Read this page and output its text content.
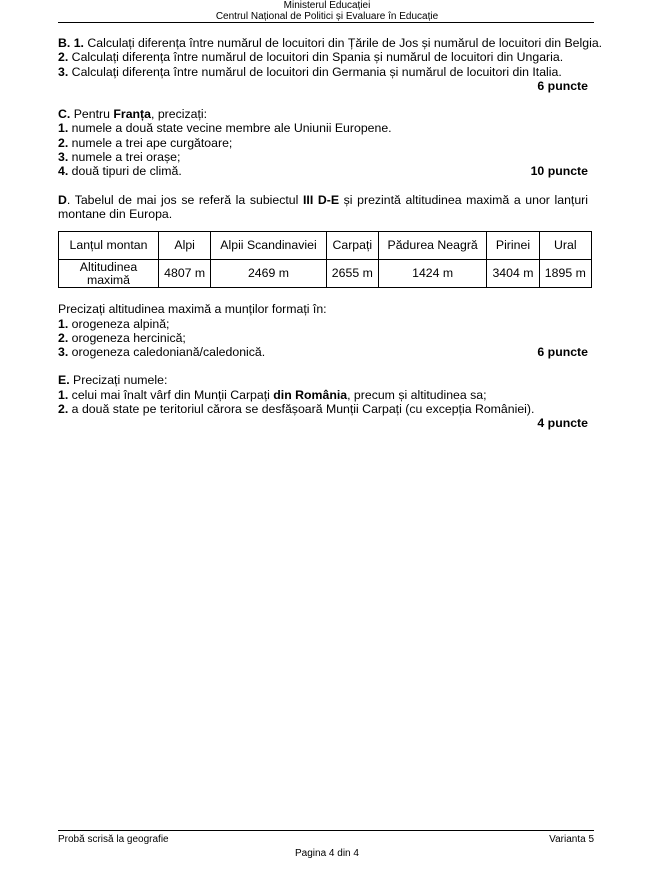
Ministerul Educației
Centrul Național de Politici și Evaluare în Educație
B. 1. Calculați diferența între numărul de locuitori din Țările de Jos și numărul de locuitori din Belgia.
2. Calculați diferența între numărul de locuitori din Spania și numărul de locuitori din Ungaria.
3. Calculați diferența între numărul de locuitori din Germania și numărul de locuitori din Italia.
6 puncte
C. Pentru Franța, precizați:
1. numele a două state vecine membre ale Uniunii Europene.
2. numele a trei ape curgătoare;
3. numele a trei orașe;
4. două tipuri de climă.	10 puncte
D. Tabelul de mai jos se referă la subiectul III D-E și prezintă altitudinea maximă a unor lanțuri montane din Europa.
Lanțul montan	Alpi	Alpii Scandinaviei	Carpați	Pădurea Neagră	Pirinei	Ural
Altitudinea maximă	4807 m	2469 m	2655 m	1424 m	3404 m	1895 m
Precizați altitudinea maximă a munților formați în:
1. orogeneza alpină;
2. orogeneza hercinică;
3. orogeneza caledoniană/caledonică.	6 puncte
E. Precizați numele:
1. celui mai înalt vârf din Munții Carpați din România, precum și altitudinea sa;
2. a două state pe teritoriul cărora se desfășoară Munții Carpați (cu excepția României).
4 puncte
Probă scrisă la geografie	Varianta 5
Pagina 4 din 4
